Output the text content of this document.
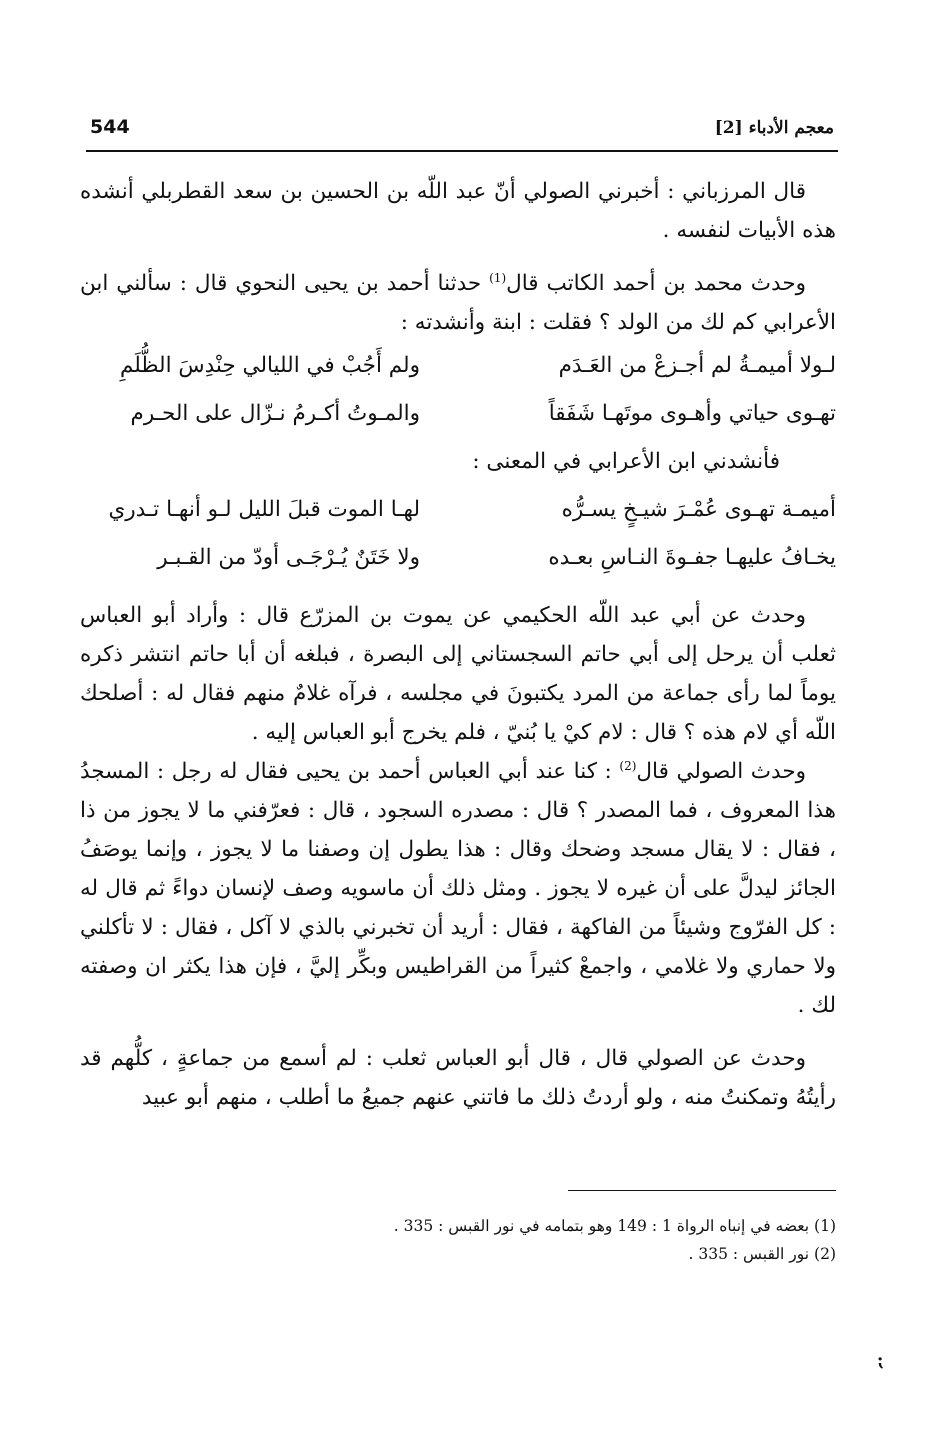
معجم الأدباء [2]
544

قال المرزباني : أخبرني الصولي أنّ عبد اللّه بن الحسين بن سعد القطربلي أنشده هذه الأبيات لنفسه .

وحدث محمد بن أحمد الكاتب قال$^{(1)}$ حدثنا أحمد بن يحيى النحوي قال : سألني ابن الأعرابي كم لك من الولد ؟ فقلت : ابنة وأنشدته :

لـولا أميمـةُ لم أجـزعْ من العَـدَم
ولم أَجُبْ في الليالي حِنْدِسَ الظُّلَمِ
تهـوى حياتي وأهـوى موتَهـا شَفَقاً
والمـوتُ أكـرمُ نـزّال على الحـرم

فأنشدني ابن الأعرابي في المعنى :

أميمـة تهـوى عُمْـرَ شيـخٍ يسـرُّه
لهـا الموت قبلَ الليل لـو أنهـا تـدري
يخـافُ عليهـا جفـوةَ النـاسِ بعـده
ولا خَتَنٌ يُـرْجَـى أودّ من القـبـر

وحدث عن أبي عبد اللّه الحكيمي عن يموت بن المزرّع قال : وأراد أبو العباس ثعلب أن يرحل إلى أبي حاتم السجستاني إلى البصرة ، فبلغه أن أبا حاتم انتشر ذكره يوماً لما رأى جماعة من المرد يكتبونَ في مجلسه ، فرآه غلامٌ منهم فقال له : أصلحك اللّه أي لام هذه ؟ قال : لام كيْ يا بُنيّ ، فلم يخرج أبو العباس إليه .

وحدث الصولي قال$^{(2)}$ : كنا عند أبي العباس أحمد بن يحيى فقال له رجل : المسجدُ هذا المعروف ، فما المصدر ؟ قال : مصدره السجود ، قال : فعرّفني ما لا يجوز من ذا ، فقال : لا يقال مسجد وضحك وقال : هذا يطول إن وصفنا ما لا يجوز ، وإنما يوصَفُ الجائز ليدلَّ على أن غيره لا يجوز . ومثل ذلك أن ماسويه وصف لإنسان دواءً ثم قال له : كل الفرّوج وشيئاً من الفاكهة ، فقال : أريد أن تخبرني بالذي لا آكل ، فقال : لا تأكلني ولا حماري ولا غلامي ، واجمعْ كثيراً من القراطيس وبكِّر إليَّ ، فإن هذا يكثر ان وصفته لك .

وحدث عن الصولي قال ، قال أبو العباس ثعلب : لم أسمع من جماعةٍ ، كلُّهم قد رأيتُهُ وتمكنتُ منه ، ولو أردتُ ذلك ما فاتني عنهم جميعُ ما أطلب ، منهم أبو عبيد

(1) بعضه في إنباه الرواة 1 : 149 وهو بتمامه في نور القبس : 335 .

(2) نور القبس : 335 .

⁏
